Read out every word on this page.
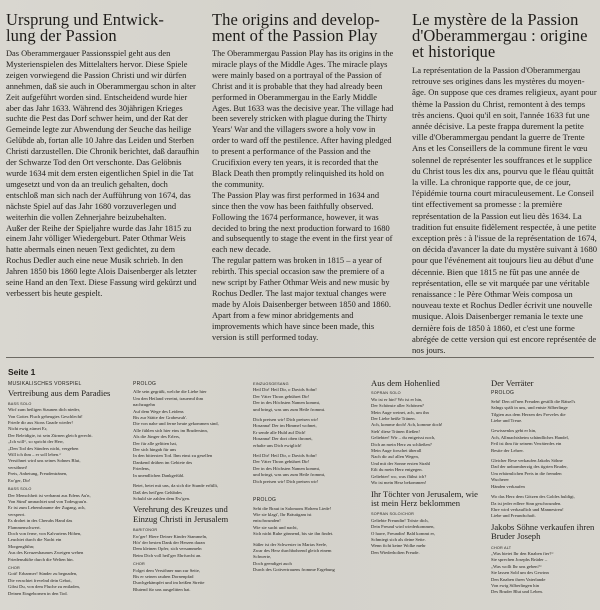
Ursprung und Entwick-
lung der Passion

Das Oberammergauer Passionsspiel geht aus den Mysterienspielen des Mittelalters hervor. Diese Spiele zeigen vorwiegend die Passion Christi und wir dürfen annehmen, daß sie auch in Oberammergau schon in alter Zeit aufgeführt worden sind. Entscheidend wurde hier aber das Jahr 1633. Während des 30jährigen Krieges suchte die Pest das Dorf schwer heim, und der Rat der Gemeinde legte zur Abwendung der Seuche das heilige Gelübde ab, fortan alle 10 Jahre das Leiden und Sterben Christi darzustellen. Die Chronik berichtet, daß daraufhin der Schwarze Tod den Ort verschonte. Das Gelöbnis wurde 1634 mit dem ersten eigentlichen Spiel in die Tat umgesetzt und von da an treulich gehalten, doch entschloß man sich nach der Aufführung von 1674, das nächste Spiel auf das Jahr 1680 vorzuverlegen und weiterhin die vollen Zehnerjahre beizubehalten.

Außer der Reihe der Spieljahre wurde das Jahr 1815 zu einem Jahr völliger Wiedergeburt. Pater Othmar Weis hatte abermals einen neuen Text gedichtet, zu dem Rochus Dedler auch eine neue Musik schrieb. In den Jahren 1850 bis 1860 legte Alois Daisenberger als letzter seine Hand an den Text. Diese Fassung wird gekürzt und verbessert bis heute gespielt.

The origins and develop-
ment of the Passion Play

The Oberammergau Passion Play has its origins in the miracle plays of the Middle Ages. The miracle plays were mainly based on a portrayal of the Passion of Christ and it is probable that they had already been performed in Oberammergau in the Early Middle Ages. But 1633 was the decisive year. The village had been severely stricken with plague during the Thirty Years' War and the villagers swore a holy vow in order to ward off the pestilence. After having pledged to present a performance of the Passion and the Crucifixion every ten years, it is recorded that the Black Death then promptly relinquished its hold on the community.

The Passion Play was first performed in 1634 and since then the vow has been faithfully observed. Following the 1674 performance, however, it was decided to bring the next production forward to 1680 and subsequently to stage the event in the first year of each new decade.

The regular pattern was broken in 1815 – a year of rebirth. This special occasion saw the premiere of a new script by Father Othmar Weis and new music by Rochus Dedler. The last major textual changes were made by Alois Daisenberger between 1850 and 1860. Apart from a few minor abridgements and improvements which have since been made, this version is still performed today.

Le mystère de la Passion
d'Oberammergau : origine
et historique

La représentation de la Passion d'Oberammergau retrouve ses origines dans les mystères du moyen-âge. On suppose que ces drames religieux, ayant pour thème la Passion du Christ, remontent à des temps très anciens. Quoi qu'il en soit, l'année 1633 fut une année décisive. La peste frappa durement la petite ville d'Oberammergau pendant la guerre de Trente Ans et les Conseillers de la commune firent le vœu solennel de représenter les souffrances et le supplice du Christ tous les dix ans, pourvu que le fléau quittât la ville. La chronique rapporte que, de ce jour, l'épidémie tourna court miraculeusement. Le Conseil tint effectivement sa promesse : la première représentation de la Passion eut lieu dès 1634. La tradition fut ensuite fidèlement respectée, à une petite exception près : à l'issue de la représentation de 1674, on décida d'avancer la date du mystère suivant à 1680 pour que l'événement ait toujours lieu au début d'une décennie. Bien que 1815 ne fût pas une année de représentation, elle se vit marquée par une véritable renaissance : le Père Othmar Weis composa un nouveau texte et Rochus Dedler écrivit une nouvelle musique. Alois Daisenberger remania le texte une dernière fois de 1850 à 1860, et c'est une forme abrégée de cette version qui est encore représentée de nos jours.

Seite 1
MUSIKALISCHES VORSPIEL
Vertreibung aus dem Paradies
BASS SOLO
Wirf zum heiligen Staunen dich nieder,
Von Gottes Fluch geheugtes Geschlecht!
Friede dir aus Sions Gnade wieder!
Nicht ewig zürnet Er,
Der Beleidigte, ist sein Zürnen gleich gerecht.
„Ich will“, so spricht der Herr,
„Den Tod des Sünders nicht, vergeben
Will ich ihm – er soll leben.“
Versöhnet wird uns seines Sohnes Blut,
versöhnet!
Preis, Anbetung, Freudentränen,
Ew'ger, Dir!
BASS SOLO
Der Menschheit ist verbannt aus Edens Au'n,
Von Sünd' umnachtet und von Todesgrau'n.
Er ist zum Lebensbaume der Zugang, ach,
versperrt.
Es drohet in des Cherubs Hand das
Flammenschwert.
Doch von ferne, von Kalvariens Höhen,
Leuchtet durch die Nacht ein
Morgenglühn;
Aus des Kreuzesbaumes Zweigen wehen
Friedensdüfte durch die Welten hin.
CHOR
Gott! Erbarmer! Sünder zu begnaden,
Die verachtet frevelnd dein Gebot,
Gibst Du, von dem Fluche zu entladen,
Deinen Eingebornen in den Tod.
PROLOG
Alle sein gegrüßt, welche die Liebe hier
Um den Heiland vereint, trauernd ihm
nachzugehn
Auf dem Wege des Leidens
Bis zur Stätte der Grabesruh'.
Die von nahe und ferne heute gekommen sind,
Alle fühlen sich hier eins im Brudersinn,
Als die Jünger des Erlers,
Der für alle gelitten hat,
Der sich hingab für uns
In den bittersten Tod. Ihm einst zu gesellen
Dankend drüben im Gebiete des
Friedens,
In unendlichen Dankgefühl.
Betet, betet mit uns, da sich die Stunde erfüllt,
Daß des heil'gen Gelübdes
Schuld sie zahlen dem Ew'gen.
Verehrung des Kreuzes und Einzug Christi in Jerusalem
BARITONOR
Ew'ger! Hiere Deiner Kinder Stammeln,
Hör' der besten Dank der Herzen daran
Dem kleinen Opfer, sich versammeln
Beim Dich voll heil'ger Ehrfurcht an.
CHOR
Folget dem Versöhner nun zur Seite,
Bis er seinen rauhen Dornenpfad
Durchgekämpfet und im heißen Streite
Blutend für uns ausgelitten hat.
EINZUGSGESANG
Heil Dir! Heil Dir, o Davids Sohn!
Der Väter Thron gebühret Dir!
Der in des Höchsten Namen kommt,
und bringt, was uns zum Heile frommt.
Dich preisen wir! Dich preisen wir!
Hosanna! Der im Himmel wohnet,
Er sende alle Huld auf Dich!
Hosanna! Der dort oben thronet,
erhalte uns Dich ewiglich!
Heil Dir! Heil Dir, o Davids Sohn!
Der Väter Thron gebühret Dir!
Der in des Höchsten Namen kommt,
und bringt, was uns zum Heile frommt,
Dich preisen wir! Dich preisen wir!
PROLOG
Seht die Braut in Salomons Hohem Liede!
Wie sie klagt', Ihr Bräutigam ist
entschwunden!
Wie sie sucht und nacht,
Sich nicht Ruhe gönnend, bis sie ihn findet.
Süßer ist der Schwester in Marias Seele,
Zwar des Herz durchbohrend gleich einem
Schwerte,
Doch geendiget auch
Durch des Gottvertrauens fromme Ergebung
Aus dem Hohenlied
SOPRAN SOLO
Wo ist er hin? Wo ist er hin,
Der Schönste aller Schönen?
Mein Auge weinet, ach, um ihn
Der Liebe heiße Tränen.
Ach, komme doch! Ach, komme doch!
Sieh' diese Tränen fließen!
Geliebter! Wir – du entgeisst noch,
Dich an mein Herz zu schließen?
Mein Auge forschet überall
Nach dir auf allen Wegen,
Und mit der Sonne ersten Strahl
Eilt du mein Herz entgegen.
Geliebter! wo, was flühst ich?
Wo ist mein Herz bekommen!
Ihr Töchter von Jerusalem, wie ist mein Herz beklommen
SOPRAN SOLO/CHOR
Geliebte Freundin! Tröste dich,
Dein Freund wird wiederkommen,
O harre, Freundin! Bald kommt er,
Schmiegt sich als deine Seite.
Wenn ficht keine Wolke mehr
Den Wiederholten Freude.
Der Verräter
PROLOG
Seht! Den off'nen Freuden gestillt die Rätsel's
Salngs spält in uns, und entste Silberlinge
Tilgten aus dem Herzen des Freveles die
Liebe und Treue.
Gewissenlos gebt er hin,
Ach, Allmachtsbeim schändliches Handel,
Feil ist ihm für seinem Verräterdes ein
Besite der Lehrer.
Gleicher Rese verkaufen Jakobs Söhne
Dad der unbarmherzig des tigrien Bruder,
Um erbärmlichen Preis in die fremden
Wucherer
Händen verkaufen
Wo das Herz dem Götzen des Goldes huldigt,
Da ist jeder edlere Sinn geschwunden.
Ehre wird verkauflich und Mannestreu!
Liebe und Freundschaft.
Jakobs Söhne verkaufen ihren Bruder Joseph
CHOR ALT
„Was bietet Ihr den Knaben fier?“
Sie sprechen Josephs Brüder –
„Was wollt Ihr uns geben?“
Sie lassen Sold um des Gewinn
Den Knaben ihren Vaterlande
Von ewig Silberlingen hin
Des Bruder Blut und Leben.
